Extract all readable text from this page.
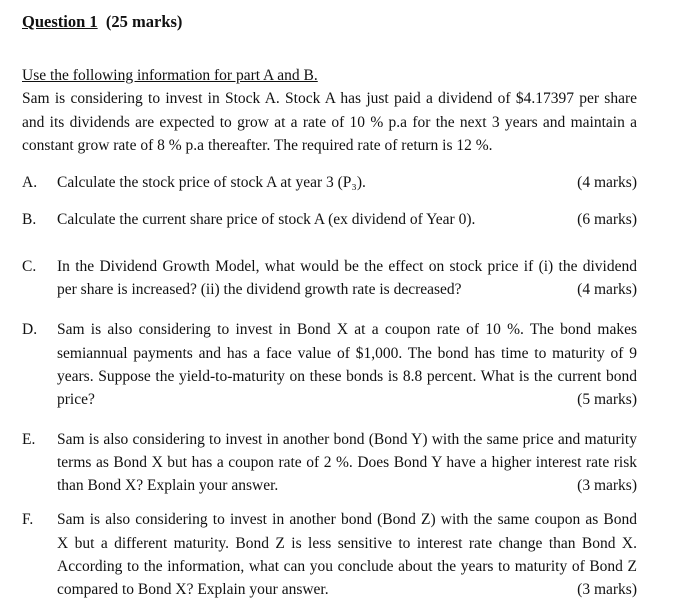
Question 1 (25 marks)
Use the following information for part A and B.
Sam is considering to invest in Stock A. Stock A has just paid a dividend of $4.17397 per share
and its dividends are expected to grow at a rate of 10 % p.a for the next 3 years and maintain a
constant grow rate of 8 % p.a thereafter. The required rate of return is 12 %.
A. Calculate the stock price of stock A at year 3 (P₃).	(4 marks)
B. Calculate the current share price of stock A (ex dividend of Year 0).	(6 marks)
C. In the Dividend Growth Model, what would be the effect on stock price if (i) the dividend
per share is increased? (ii) the dividend growth rate is decreased?	(4 marks)
D. Sam is also considering to invest in Bond X at a coupon rate of 10 %. The bond makes
semiannual payments and has a face value of $1,000. The bond has time to maturity of 9
years. Suppose the yield-to-maturity on these bonds is 8.8 percent. What is the current bond
price?	(5 marks)
E. Sam is also considering to invest in another bond (Bond Y) with the same price and maturity
terms as Bond X but has a coupon rate of 2 %. Does Bond Y have a higher interest rate risk
than Bond X? Explain your answer.	(3 marks)
F. Sam is also considering to invest in another bond (Bond Z) with the same coupon as Bond
X but a different maturity. Bond Z is less sensitive to interest rate change than Bond X.
According to the information, what can you conclude about the years to maturity of Bond Z
compared to Bond X? Explain your answer.	(3 marks)
